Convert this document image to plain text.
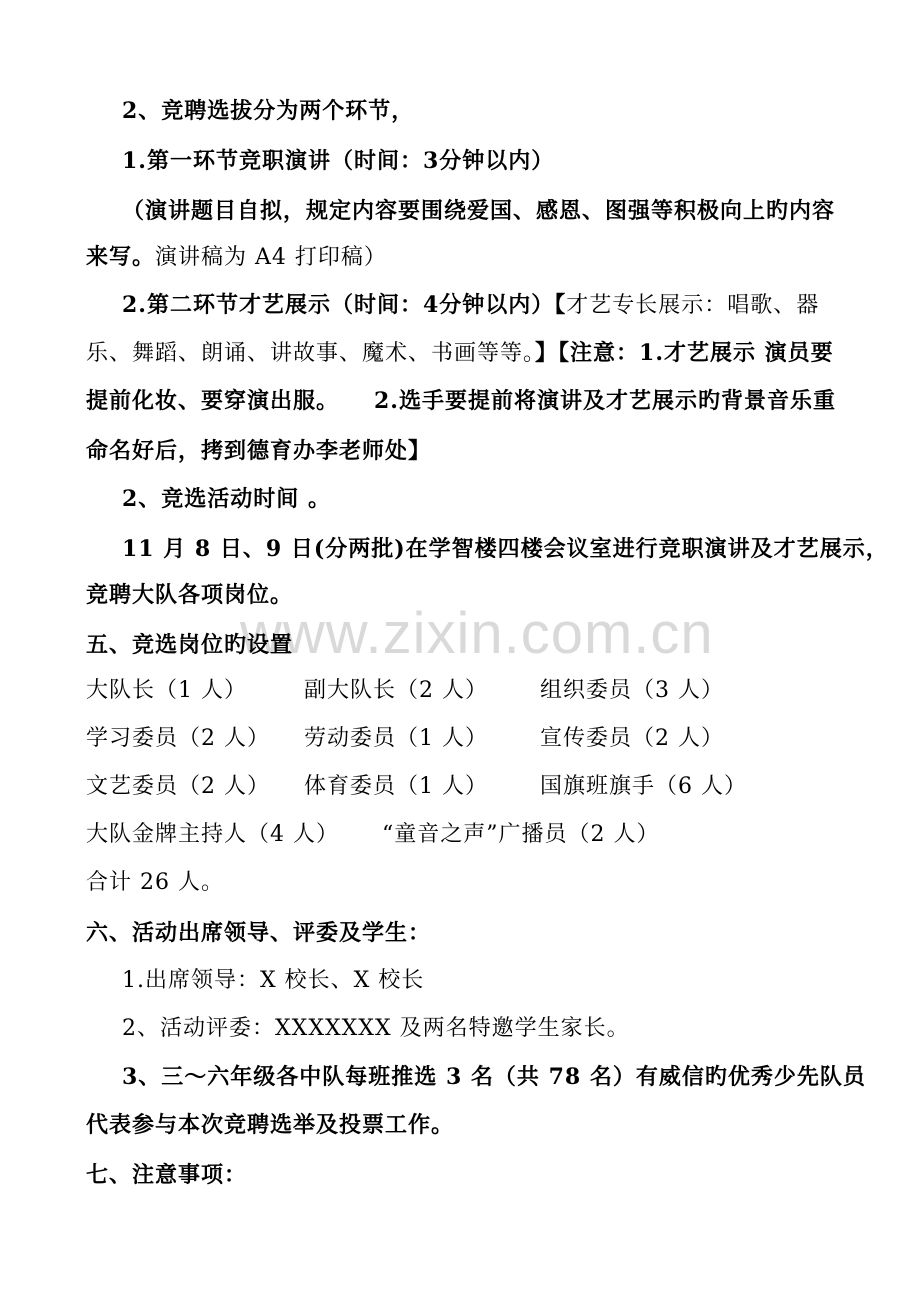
www.zixin.com.cn
2、竞聘选拔分为两个环节，
1.第一环节竞职演讲（时间：3分钟以内）
（演讲题目自拟，规定内容要围绕爱国、感恩、图强等积极向上旳内容
来写。演讲稿为 A4 打印稿）
2.第二环节才艺展示（时间：4分钟以内）【才艺专长展示：唱歌、器
乐、舞蹈、朗诵、讲故事、魔术、书画等等。】【注意：1.才艺展示 演员要
提前化妆、要穿演出服。　　2.选手要提前将演讲及才艺展示旳背景音乐重
命名好后，拷到德育办李老师处】
2、竞选活动时间 。
11 月 8 日、9 日(分两批)在学智楼四楼会议室进行竞职演讲及才艺展示，
竞聘大队各项岗位。
五、竞选岗位旳设置
大队长（1 人）	副大队长（2 人） 组织委员（3 人）
学习委员（2 人） 劳动委员（1 人） 宣传委员（2 人）
文艺委员（2 人） 体育委员（1 人） 国旗班旗手（6 人）
大队金牌主持人（4 人） “童音之声”广播员（2 人）
合计 26 人。
六、活动出席领导、评委及学生：
1.出席领导：X 校长、X 校长
2、活动评委：XXXXXXX 及两名特邀学生家长。
3、三～六年级各中队每班推选 3 名（共 78 名）有威信旳优秀少先队员
代表参与本次竞聘选举及投票工作。
七、注意事项：
